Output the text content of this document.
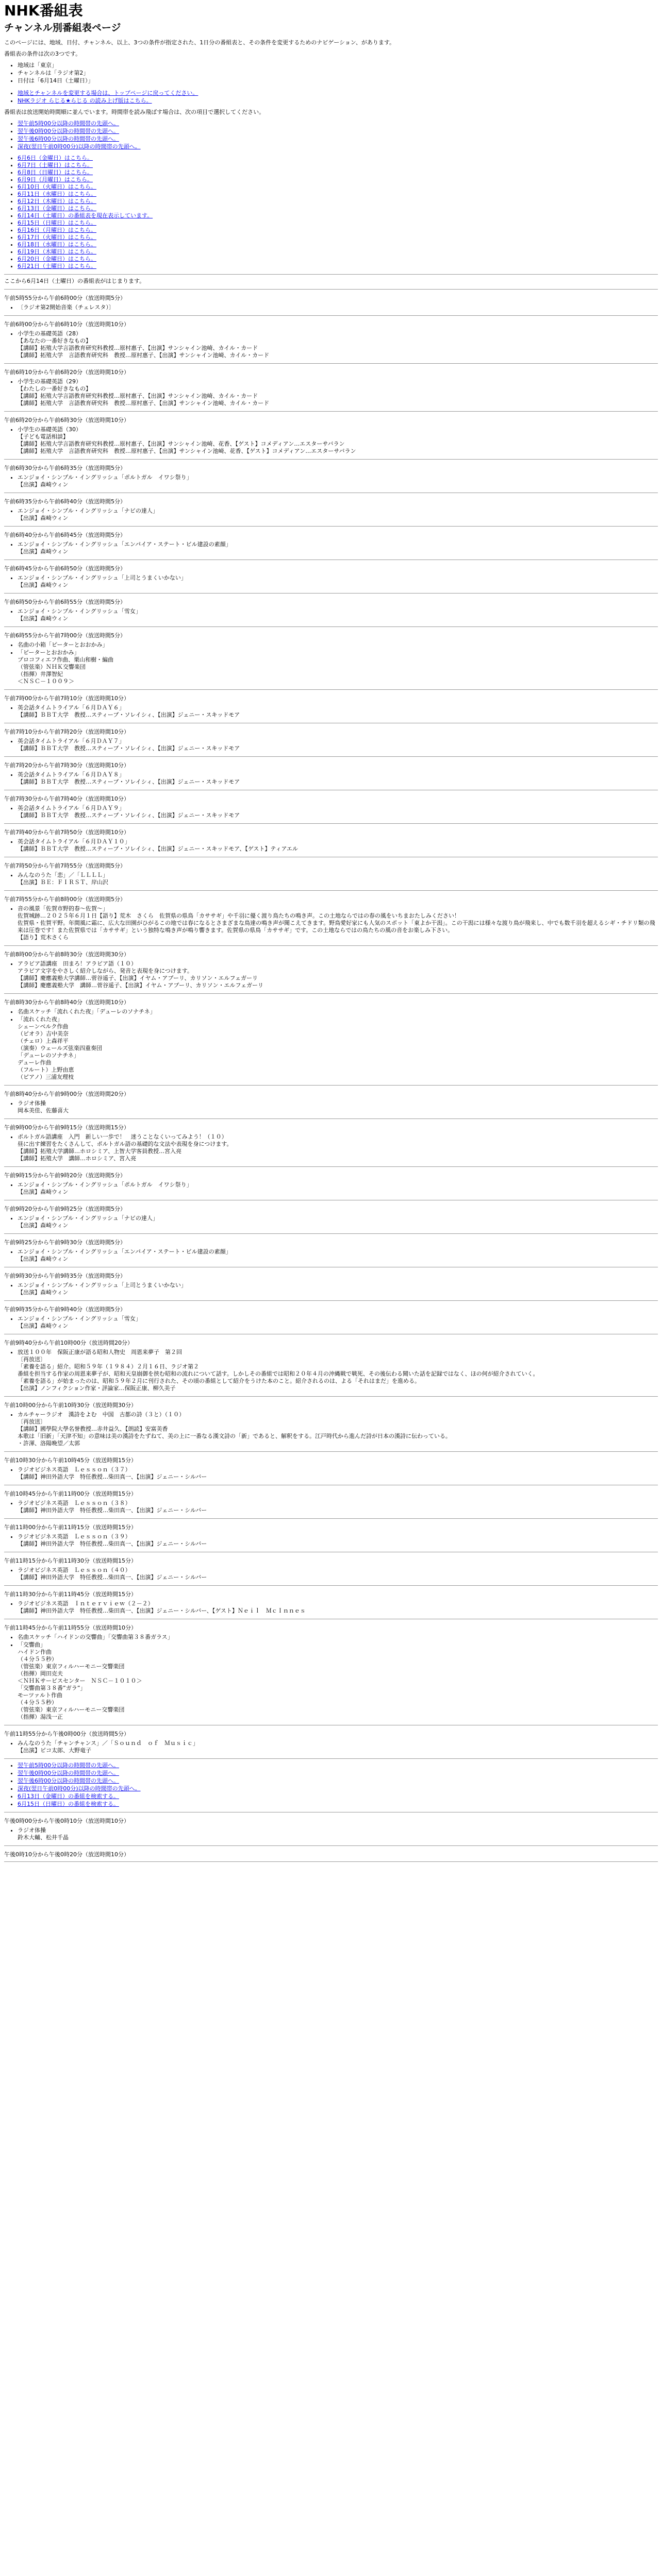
NHK番組表
チャンネル別番組表ページ

このページには、地域、日付、チャンネル、以上、3つの条件が指定された、1日分の番組表と、その条件を変更するためのナビゲーション、があります。

番組表の条件は次の3つです。

• 地域は「東京」
• チャンネルは「ラジオ第2」
• 日付は「6月14日（土曜日）」
• 地域とチャンネルを変更する場合は、トップページに戻ってください。
• NHKラジオ らじる★らじる の読み上げ版はこちら。

番組表は放送開始時間順に並んでいます。時間帯を読み飛ばす場合は、次の項目で選択してください。

• 翌午前5時00分以降の時間帯の先頭へ。
• 翌午後0時00分以降の時間帯の先頭へ。
• 翌午後6時00分以降の時間帯の先頭へ。
• 深夜(翌日午前0時00分)以降の時間帯の先頭へ。
• 6月6日（金曜日）はこちら。
• 6月7日（土曜日）はこちら。
• 6月8日（日曜日）はこちら。
• 6月9日（月曜日）はこちら。
• 6月10日（火曜日）はこちら。
• 6月11日（水曜日）はこちら。
• 6月12日（木曜日）はこちら。
• 6月13日（金曜日）はこちら。
• 6月14日（土曜日）の番組表を現在表示しています。
• 6月15日（日曜日）はこちら。
• 6月16日（月曜日）はこちら。
• 6月17日（火曜日）はこちら。
• 6月18日（水曜日）はこちら。
• 6月19日（木曜日）はこちら。
• 6月20日（金曜日）はこちら。
• 6月21日（土曜日）はこちら。

ここから6月14日（土曜日）の番組表がはじまります。

午前5時55分から午前6時00分（放送時間5分）

• 〔ラジオ第2開始音楽（チェレスタ）〕

午前6時00分から午前6時10分（放送時間10分）

• 小学生の基礎英語（28）
【あなたの一番好きなもの】
【講師】拓殖大学言語教育研究科教授…原村惠子、【出演】サンシャイン池崎、カイル・カード
【講師】拓殖大学　言語教育研究科　教授…原村惠子、【出演】サンシャイン池崎、カイル・カード

午前6時10分から午前6時20分（放送時間10分）

• 小学生の基礎英語（29）
【わたしの一番好きなもの】
【講師】拓殖大学言語教育研究科教授…原村惠子、【出演】サンシャイン池崎、カイル・カード
【講師】拓殖大学　言語教育研究科　教授…原村惠子、【出演】サンシャイン池崎、カイル・カード

午前6時20分から午前6時30分（放送時間10分）

• 小学生の基礎英語（30）
【子ども電話相談】
【講師】拓殖大学言語教育研究科教授…原村惠子、【出演】サンシャイン池崎、花香、【ゲスト】コメディアン…エスターサバラン
【講師】拓殖大学　言語教育研究科　教授…原村惠子、【出演】サンシャイン池崎、花香、【ゲスト】コメディアン…エスターサバラン

午前6時30分から午前6時35分（放送時間5分）

• エンジョイ・シンプル・イングリッシュ「ポルトガル　イワシ祭り」
【出演】森崎ウィン

午前6時35分から午前6時40分（放送時間5分）

• エンジョイ・シンプル・イングリッシュ「ナビの達人」
【出演】森崎ウィン

午前6時40分から午前6時45分（放送時間5分）

• エンジョイ・シンプル・イングリッシュ「エンパイア・ステート・ビル建設の素顔」
【出演】森崎ウィン

午前6時45分から午前6時50分（放送時間5分）

• エンジョイ・シンプル・イングリッシュ「上司とうまくいかない」
【出演】森崎ウィン

午前6時50分から午前6時55分（放送時間5分）

• エンジョイ・シンプル・イングリッシュ「雪女」
【出演】森崎ウィン

午前6時55分から午前7時00分（放送時間5分）

• 名曲の小箱「ピーターとおおかみ」
• 「ピーターとおおかみ」
プロコフィエフ作曲、栗山和樹・編曲
（管弦楽）ＮＨＫ交響楽団
（指揮）井澤智紀
＜ＮＳＣ－１００９＞

午前7時00分から午前7時10分（放送時間10分）

• 英会話タイムトライアル「６月ＤＡＹ６」
【講師】ＢＢＴ大学　教授…スティーブ・ソレイシィ、【出演】ジェニー・スキッドモア

午前7時10分から午前7時20分（放送時間10分）

• 英会話タイムトライアル「６月ＤＡＹ７」
【講師】ＢＢＴ大学　教授…スティーブ・ソレイシィ、【出演】ジェニー・スキッドモア

午前7時20分から午前7時30分（放送時間10分）

• 英会話タイムトライアル「６月ＤＡＹ８」
【講師】ＢＢＴ大学　教授…スティーブ・ソレイシィ、【出演】ジェニー・スキッドモア

午前7時30分から午前7時40分（放送時間10分）

• 英会話タイムトライアル「６月ＤＡＹ９」
【講師】ＢＢＴ大学　教授…スティーブ・ソレイシィ、【出演】ジェニー・スキッドモア

午前7時40分から午前7時50分（放送時間10分）

• 英会話タイムトライアル「６月ＤＡＹ１０」
【講師】ＢＢＴ大学　教授…スティーブ・ソレイシィ、【出演】ジェニー・スキッドモア、【ゲスト】ティアエル

午前7時50分から午前7時55分（放送時間5分）

• みんなのうた「恋」／「ＬＬＬＬ」
【出演】ＢＥ：ＦＩＲＳＴ、岸山沢

午前7時55分から午前8時00分（放送時間5分）

• 音の風景「佐賀市野的春～佐賀～」
佐賀城跡…２０２５年６月１日【語り】荒木　さくら　佐賀県の県鳥「カササギ」や千羽に優く渡り鳥たちの鳴き声。この土地ならではの春の風をいちまおたしみください！
佐賀県・佐賀平野。年間風に霜に、広大な田園がひがるこの地では春になるとさまざまな鳥達の鳴き声が聞こえてきます。野鳥愛好家にも人気のスポット「東よか干潟」。この干潟には様々な渡り鳥が飛来し、中でも数千羽を超えるシギ・チドリ類の飛来は圧巻です！また佐賀県では「カササギ」という独特な鳴き声が鳴り響きます。佐賀県の県鳥「カササギ」です。この土地ならではの鳥たちの風の音をお楽しみ下さい。
【語り】荒木さくら

午前8時00分から午前8時30分（放送時間30分）

• アラビア語講座　田まろ！アラビア語（１０）
アラビア文字をやさしく紹介しながら、発音と表現を身につけます。
【講師】慶應義塾大学講師…菅谷遥子、【出演】イヤム・アブーリ、カリソン・エルフェガーリ
【講師】慶應義塾大学　講師…菅谷遥子、【出演】イヤム・アブーリ、カリソン・エルフェガーリ

午前8時30分から午前8時40分（放送時間10分）

• 名曲スケッチ「流れくれた夜」「デューレのソナチネ」
• 「流れくれた夜」
シェーンベルク作曲
（ピオラ）吉中美奈
（チェロ）上森祥平
（演奏）ウェールズ弦楽四重奏団
「デューレのソナチネ」
デューレ作曲
（フルート）上野由恵
（ピアノ）三浦友理枝

午前8時40分から午前9時00分（放送時間20分）

• ラジオ体操
岡本美佳、佐藤喜大

午前9時00分から午前9時15分（放送時間15分）

• ポルトガル語講座　入門　新しい一歩で！　迷うことなくいってみよう！（１０）
昼に出す練習をたくさんして、ポルトガル語の基礎的な文法や表現を身につけます。
【講師】拓殖大学講師…ホロシミア、上智大学客員教授…宮入亮
【講師】拓殖大学　講師…ホロシミア、宮入亮

午前9時15分から午前9時20分（放送時間5分）

• エンジョイ・シンプル・イングリッシュ「ポルトガル　イワシ祭り」
【出演】森崎ウィン

午前9時20分から午前9時25分（放送時間5分）

• エンジョイ・シンプル・イングリッシュ「ナビの達人」
【出演】森崎ウィン

午前9時25分から午前9時30分（放送時間5分）

• エンジョイ・シンプル・イングリッシュ「エンパイア・ステート・ビル建設の素顔」
【出演】森崎ウィン

午前9時30分から午前9時35分（放送時間5分）

• エンジョイ・シンプル・イングリッシュ「上司とうまくいかない」
【出演】森崎ウィン

午前9時35分から午前9時40分（放送時間5分）

• エンジョイ・シンプル・イングリッシュ「雪女」
【出演】森崎ウィン

午前9時40分から午前10時00分（放送時間20分）

• 放送１００年　保阪正康が語る昭和人物史　周恩来夢子　第２回
〔再放送〕
「素養を語る」紹介。昭和５９年（１９８４）２月１６日、ラジオ第２
番組を担当する作家の周恩来夢子が、昭和天皇崩御を挟む昭和の流れについて話す。しかしその番組では昭和２０年４月の沖縄戦で戦死、その後伝わる聞いた話を記録ではなく、ほの何が紹介されていく。
「素養を語る」が始まったのは、昭和５９年２月に刊行された、その頃の番組として紹介をうけた本のこと。紹介されるのは、よる「それはまだ」を進める。
【出演】ノンフィクション作家・評論家…保阪正康、柳久美子

午前10時00分から午前10時30分（放送時間30分）

• カルチャーラジオ　漢詩をよむ　中国　古都の詩（３と）（１０）
〔再放送〕
【講師】國學院大學名誉教授…赤井益久、【朗読】安富美香
本歌は「旧新」「天津不知」の意味は美の漢詩をたずねて、美の上に一番なる漢文詩の「新」であると、解釈をする。江戸時代から進んだ詩が日本の漢詩に伝わっている。
・許渾、洛陽晩望／太郭

午前10時30分から午前10時45分（放送時間15分）

• ラジオビジネス英語　Ｌｅｓｓｏｎ（３７）
【講師】神田外語大学　特任教授…柴田真一、【出演】ジェニー・シルバー

午前10時45分から午前11時00分（放送時間15分）

• ラジオビジネス英語　Ｌｅｓｓｏｎ（３８）
【講師】神田外語大学　特任教授…柴田真一、【出演】ジェニー・シルバー

午前11時00分から午前11時15分（放送時間15分）

• ラジオビジネス英語　Ｌｅｓｓｏｎ（３９）
【講師】神田外語大学　特任教授…柴田真一、【出演】ジェニー・シルバー

午前11時15分から午前11時30分（放送時間15分）

• ラジオビジネス英語　Ｌｅｓｓｏｎ（４０）
【講師】神田外語大学　特任教授…柴田真一、【出演】ジェニー・シルバー

午前11時30分から午前11時45分（放送時間15分）

• ラジオビジネス英語　Ｉｎｔｅｒｖｉｅｗ（２－２）
【講師】神田外語大学　特任教授…柴田真一、【出演】ジェニー・シルバー、【ゲスト】Ｎｅｉｌ　ＭｃＩｎｎｅｓ

午前11時45分から午前11時55分（放送時間10分）

• 名曲スケッチ「ハイドンの交響曲」「交響曲第３８番ガラス」
• 「交響曲」
ハイドン作曲
（４分５５秒）
（管弦楽）東京フィルハーモニー交響楽団
（指揮）岡田克夫
＜ＮＨＫサービスセンター　ＮＳＣ－１０１０＞
「交響曲第３８番”ガラ”」
モーツァルト作曲
（４分５５秒）
（管弦楽）東京フィルハーモニー交響楽団
（指揮）湯浅一正

午前11時55分から午後0時00分（放送時間5分）

• みんなのうた「チャンチャンス」／「Ｓｏｕｎｄ　ｏｆ　Ｍｕｓｉｃ」
【出演】ピコ太郎、大野竜子
• 翌午前5時00分以降の時間帯の先頭へ。
• 翌午後0時00分以降の時間帯の先頭へ。
• 翌午後6時00分以降の時間帯の先頭へ。
• 深夜(翌日午前0時00分)以降の時間帯の先頭へ。
• 6月13日（金曜日）の番組を検索する。
• 6月15日（日曜日）の番組を検索する。

午後0時00分から午後0時10分（放送時間10分）

• ラジオ体操
鈴木大輔、松井千晶

午後0時10分から午後0時20分（放送時間10分）
